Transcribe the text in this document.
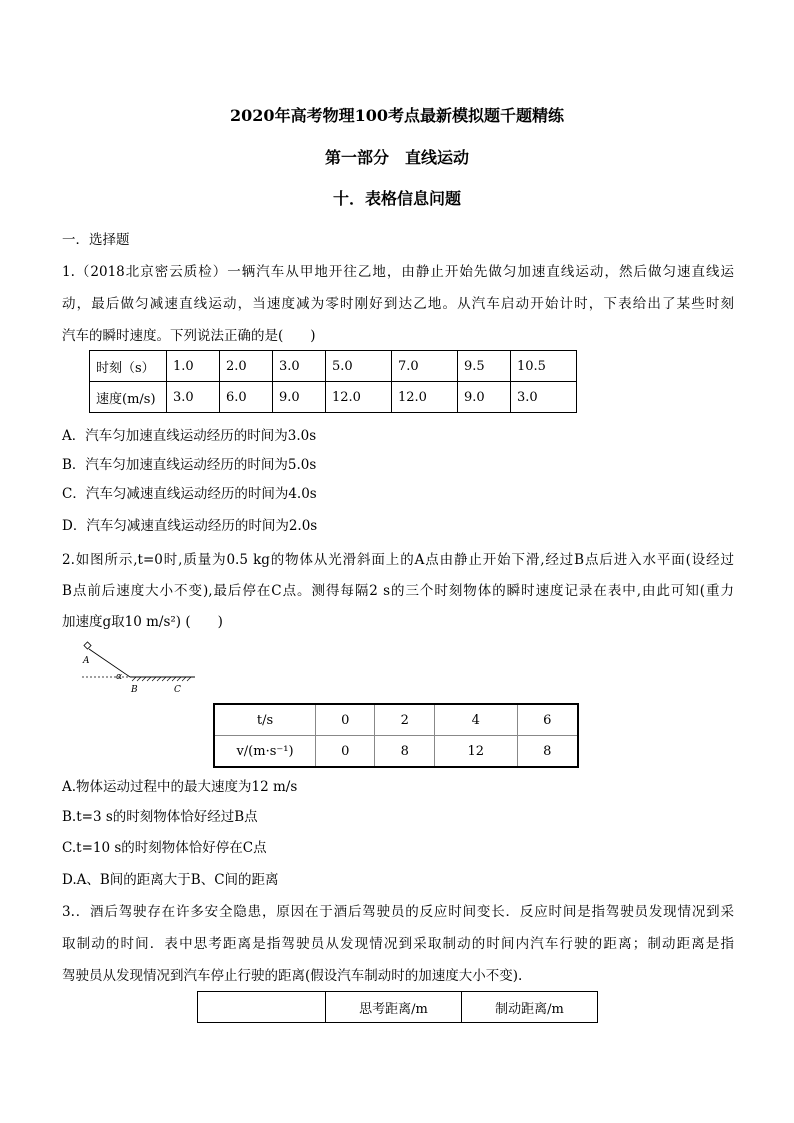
2020年高考物理100考点最新模拟题千题精练
第一部分　直线运动
十．表格信息问题
一．选择题
1.（2018北京密云质检）一辆汽车从甲地开往乙地，由静止开始先做匀加速直线运动，然后做匀速直线运
动，最后做匀减速直线运动，当速度减为零时刚好到达乙地。从汽车启动开始计时，下表给出了某些时刻
汽车的瞬时速度。下列说法正确的是(　　)
时刻（s）	1.0	2.0	3.0	5.0	7.0	9.5	10.5
速度(m/s)	3.0	6.0	9.0	12.0	12.0	9.0	3.0
A．汽车匀加速直线运动经历的时间为3.0s
B．汽车匀加速直线运动经历的时间为5.0s
C．汽车匀减速直线运动经历的时间为4.0s
D．汽车匀减速直线运动经历的时间为2.0s
2.如图所示,t=0时,质量为0.5 kg的物体从光滑斜面上的A点由静止开始下滑,经过B点后进入水平面(设经过
B点前后速度大小不变),最后停在C点。测得每隔2 s的三个时刻物体的瞬时速度记录在表中,由此可知(重力
加速度g取10 m/s²) (　　)
A
α
B	C
t/s	0	2	4	6
v/(m·s⁻¹)	0	8	12	8
A.物体运动过程中的最大速度为12 m/s
B.t=3 s的时刻物体恰好经过B点
C.t=10 s的时刻物体恰好停在C点
D.A、B间的距离大于B、C间的距离
3.．酒后驾驶存在许多安全隐患，原因在于酒后驾驶员的反应时间变长．反应时间是指驾驶员发现情况到采
取制动的时间．表中思考距离是指驾驶员从发现情况到采取制动的时间内汽车行驶的距离；制动距离是指
驾驶员从发现情况到汽车停止行驶的距离(假设汽车制动时的加速度大小不变).
	思考距离/m	制动距离/m
